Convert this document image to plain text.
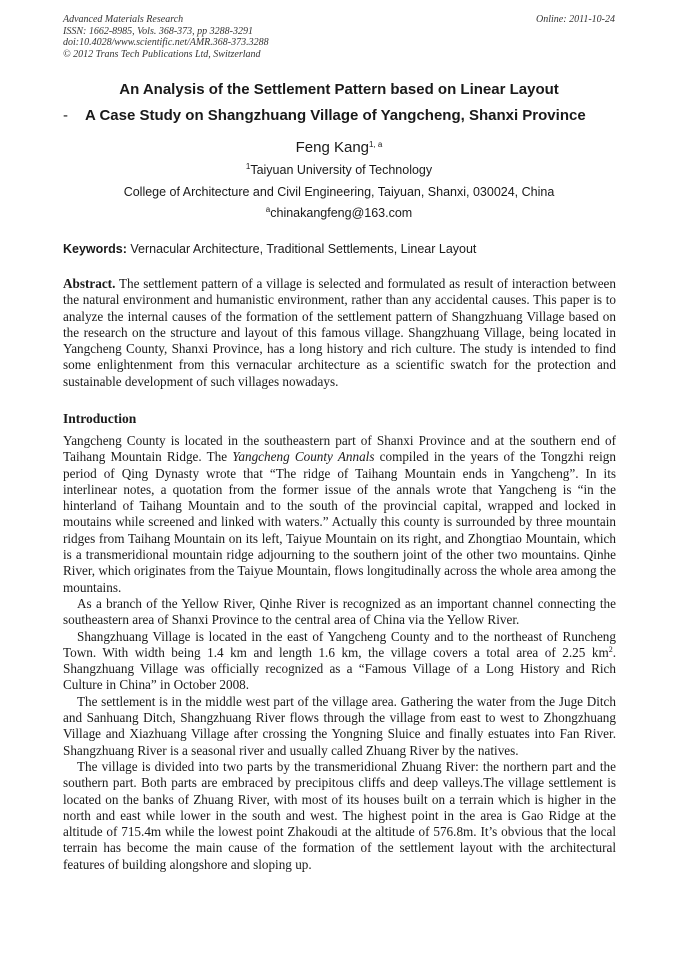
Advanced Materials Research
ISSN: 1662-8985, Vols. 368-373, pp 3288-3291
doi:10.4028/www.scientific.net/AMR.368-373.3288
© 2012 Trans Tech Publications Ltd, Switzerland
Online: 2011-10-24
An Analysis of the Settlement Pattern based on Linear Layout
- A Case Study on Shangzhuang Village of Yangcheng, Shanxi Province
Feng Kang$^{1, a}$
$^1$Taiyuan University of Technology
College of Architecture and Civil Engineering, Taiyuan, Shanxi, 030024, China
$^a$chinakangfeng@163.com
Keywords: Vernacular Architecture, Traditional Settlements, Linear Layout

Abstract. The settlement pattern of a village is selected and formulated as result of interaction between the natural environment and humanistic environment, rather than any accidental causes. This paper is to analyze the internal causes of the formation of the settlement pattern of Shangzhuang Village based on the research on the structure and layout of this famous village. Shangzhuang Village, being located in Yangcheng County, Shanxi Province, has a long history and rich culture. The study is intended to find some enlightenment from this vernacular architecture as a scientific swatch for the protection and sustainable development of such villages nowadays.

Introduction

Yangcheng County is located in the southeastern part of Shanxi Province and at the southern end of Taihang Mountain Ridge. The Yangcheng County Annals compiled in the years of the Tongzhi reign period of Qing Dynasty wrote that “The ridge of Taihang Mountain ends in Yangcheng”. In its interlinear notes, a quotation from the former issue of the annals wrote that Yangcheng is “in the hinterland of Taihang Mountain and to the south of the provincial capital, wrapped and locked in moutains while screened and linked with waters.” Actually this county is surrounded by three mountain ridges from Taihang Mountain on its left, Taiyue Mountain on its right, and Zhongtiao Mountain, which is a transmeridional mountain ridge adjourning to the southern joint of the other two mountains. Qinhe River, which originates from the Taiyue Mountain, flows longitudinally across the whole area among the mountains.

As a branch of the Yellow River, Qinhe River is recognized as an important channel connecting the southeastern area of Shanxi Province to the central area of China via the Yellow River.

Shangzhuang Village is located in the east of Yangcheng County and to the northeast of Runcheng Town. With width being 1.4 km and length 1.6 km, the village covers a total area of 2.25 $km^2$. Shangzhuang Village was officially recognized as a “Famous Village of a Long History and Rich Culture in China” in October 2008.

The settlement is in the middle west part of the village area. Gathering the water from the Juge Ditch and Sanhuang Ditch, Shangzhuang River flows through the village from east to west to Zhongzhuang Village and Xiazhuang Village after crossing the Yongning Sluice and finally estuates into Fan River. Shangzhuang River is a seasonal river and usually called Zhuang River by the natives.

The village is divided into two parts by the transmeridional Zhuang River: the northern part and the southern part. Both parts are embraced by precipitous cliffs and deep valleys.The village settlement is located on the banks of Zhuang River, with most of its houses built on a terrain which is higher in the north and east while lower in the south and west. The highest point in the area is Gao Ridge at the altitude of 715.4m while the lowest point Zhakoudi at the altitude of 576.8m. It’s obvious that the local terrain has become the main cause of the formation of the settlement layout with the architectural features of building alongshore and sloping up.
